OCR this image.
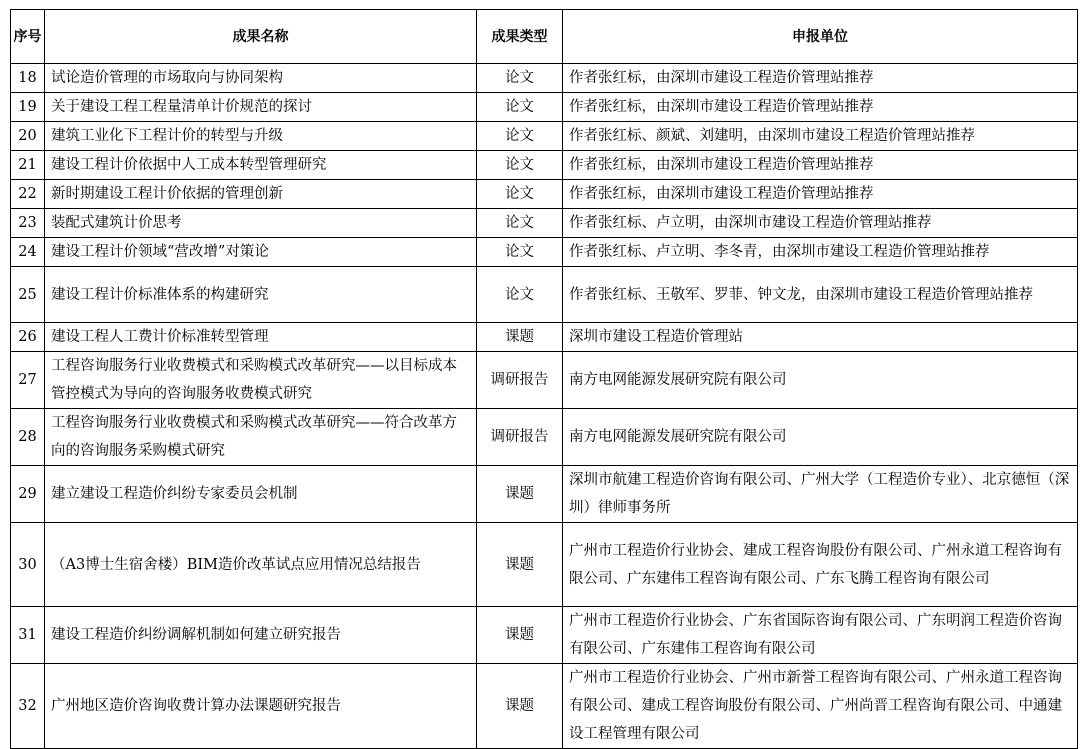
序号	成果名称	成果类型	申报单位
18	试论造价管理的市场取向与协同架构	论文	作者张红标，由深圳市建设工程造价管理站推荐
19	关于建设工程工程量清单计价规范的探讨	论文	作者张红标，由深圳市建设工程造价管理站推荐
20	建筑工业化下工程计价的转型与升级	论文	作者张红标、颜斌、刘建明，由深圳市建设工程造价管理站推荐
21	建设工程计价依据中人工成本转型管理研究	论文	作者张红标，由深圳市建设工程造价管理站推荐
22	新时期建设工程计价依据的管理创新	论文	作者张红标，由深圳市建设工程造价管理站推荐
23	装配式建筑计价思考	论文	作者张红标、卢立明，由深圳市建设工程造价管理站推荐
24	建设工程计价领域“营改增”对策论	论文	作者张红标、卢立明、李冬青，由深圳市建设工程造价管理站推荐
25	建设工程计价标准体系的构建研究	论文	作者张红标、王敬军、罗菲、钟文龙，由深圳市建设工程造价管理站推荐
26	建设工程人工费计价标准转型管理	课题	深圳市建设工程造价管理站
27	工程咨询服务行业收费模式和采购模式改革研究——以目标成本管控模式为导向的咨询服务收费模式研究	调研报告	南方电网能源发展研究院有限公司
28	工程咨询服务行业收费模式和采购模式改革研究——符合改革方向的咨询服务采购模式研究	调研报告	南方电网能源发展研究院有限公司
29	建立建设工程造价纠纷专家委员会机制	课题	深圳市航建工程造价咨询有限公司、广州大学（工程造价专业）、北京德恒（深圳）律师事务所
30	（A3博士生宿舍楼）BIM造价改革试点应用情况总结报告	课题	广州市工程造价行业协会、建成工程咨询股份有限公司、广州永道工程咨询有限公司、广东建伟工程咨询有限公司、广东飞腾工程咨询有限公司
31	建设工程造价纠纷调解机制如何建立研究报告	课题	广州市工程造价行业协会、广东省国际咨询有限公司、广东明润工程造价咨询有限公司、广东建伟工程咨询有限公司
32	广州地区造价咨询收费计算办法课题研究报告	课题	广州市工程造价行业协会、广州市新誉工程咨询有限公司、广州永道工程咨询有限公司、建成工程咨询股份有限公司、广州尚晋工程咨询有限公司、中通建设工程管理有限公司
